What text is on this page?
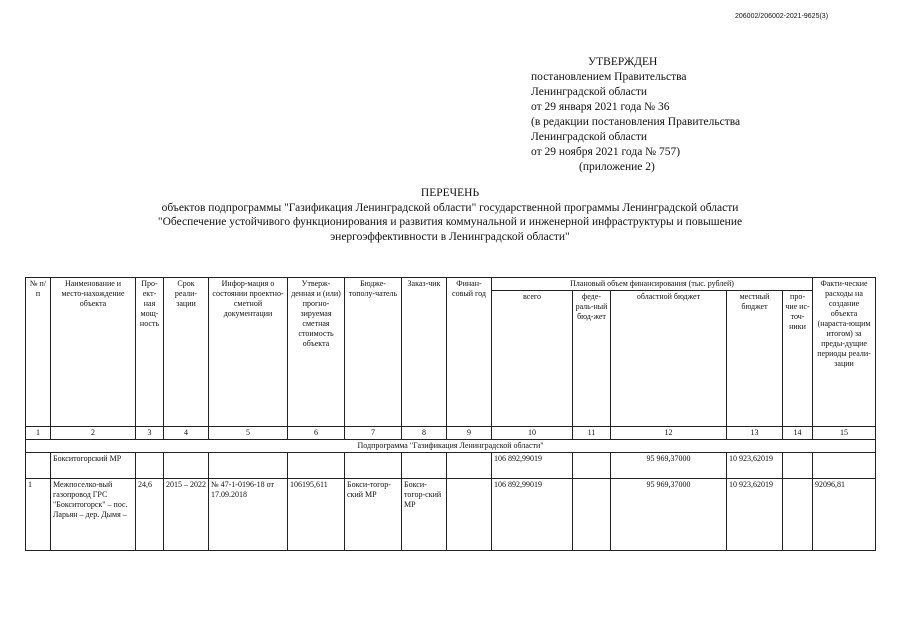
206002/206002-2021-9625(3)
УТВЕРЖДЕН
постановлением Правительства
Ленинградской области
от 29 января 2021 года № 36
(в редакции постановления Правительства
Ленинградской области
от 29 ноября 2021 года № 757)
(приложение 2)
ПЕРЕЧЕНЬ
объектов подпрограммы "Газификация Ленинградской области" государственной программы Ленинградской области
"Обеспечение устойчивого функционирования и развития коммунальной и инженерной инфраструктуры и повышение
энергоэффективности в Ленинградской области"
№ п/п	Наименование и место-нахождение объекта	Про-ект-ная мощ-ность	Срок реали-зации	Инфор-мация о состоянии проектно-сметной документации	Утверж-денная и (или) прогно-зируемая сметная стоимость объекта	Бюдже-тополу-чатель	Заказ-чик	Финан-совый год	Плановый объем финансирования (тыс. рублей)					Факти-ческие расходы на создание объекта (нараста-ющим итогом) за преды-дущие периоды реали-зации
									всего	феде-раль-ный бюд-жет	областной бюджет	местный бюджет	про-чие ис-точ-ники	
1	2	3	4	5	6	7	8	9	10	11	12	13	14	15
Подпрограмма "Газификация Ленинградской области"														
	Бокситогорский МР								106 892,99019		95 969,37000	10 923,62019		
1	Межпоселко-вый газопровод ГРС "Бокситогорск" – пос. Ларьян – дер. Дымя –	24,6	2015 – 2022	№ 47-1-0196-18 от 17.09.2018	106195,611	Бокси-тогор-ский МР	Бокси-тогор-ский МР		106 892,99019		95 969,37000	10 923,62019		92096,81
